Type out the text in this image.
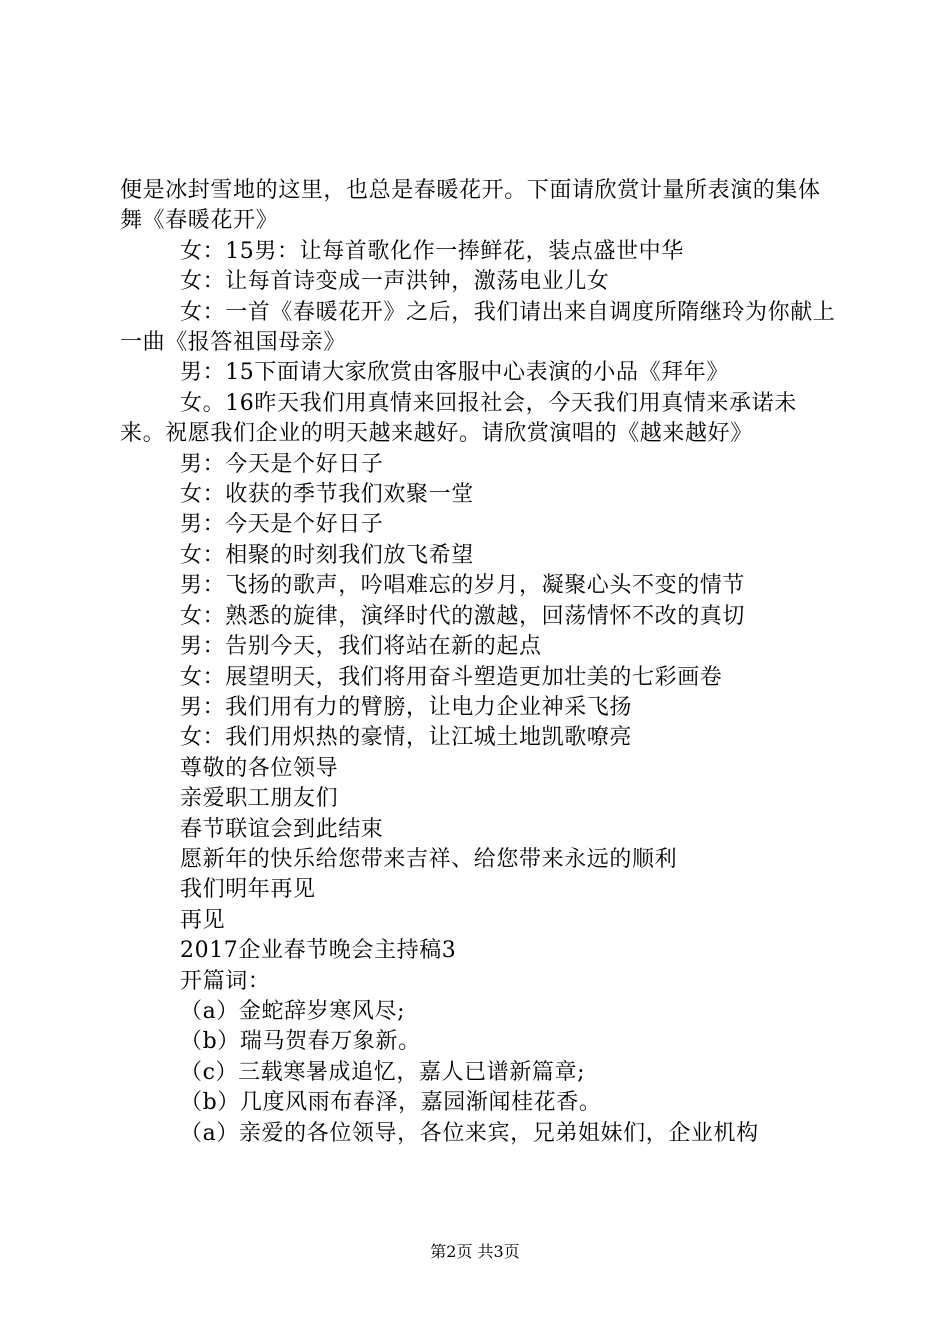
便是冰封雪地的这里，也总是春暖花开。下面请欣赏计量所表演的集体舞《春暖花开》

女：15男：让每首歌化作一捧鲜花，装点盛世中华

女：让每首诗变成一声洪钟，激荡电业儿女

女：一首《春暖花开》之后，我们请出来自调度所隋继玲为你献上一曲《报答祖国母亲》

男：15下面请大家欣赏由客服中心表演的小品《拜年》

女。16昨天我们用真情来回报社会，今天我们用真情来承诺未来。祝愿我们企业的明天越来越好。请欣赏演唱的《越来越好》

男：今天是个好日子

女：收获的季节我们欢聚一堂

男：今天是个好日子

女：相聚的时刻我们放飞希望

男：飞扬的歌声，吟唱难忘的岁月，凝聚心头不变的情节

女：熟悉的旋律，演绎时代的激越，回荡情怀不改的真切

男：告别今天，我们将站在新的起点

女：展望明天，我们将用奋斗塑造更加壮美的七彩画卷

男：我们用有力的臂膀，让电力企业神采飞扬

女：我们用炽热的豪情，让江城土地凯歌嘹亮

尊敬的各位领导

亲爱职工朋友们

春节联谊会到此结束

愿新年的快乐给您带来吉祥、给您带来永远的顺利

我们明年再见

再见

2017企业春节晚会主持稿3

开篇词：

（a）金蛇辞岁寒风尽;

（b）瑞马贺春万象新。

（c）三载寒暑成追忆，嘉人已谱新篇章;

（b）几度风雨布春泽，嘉园渐闻桂花香。

（a）亲爱的各位领导，各位来宾，兄弟姐妹们，企业机构

第2页 共3页
